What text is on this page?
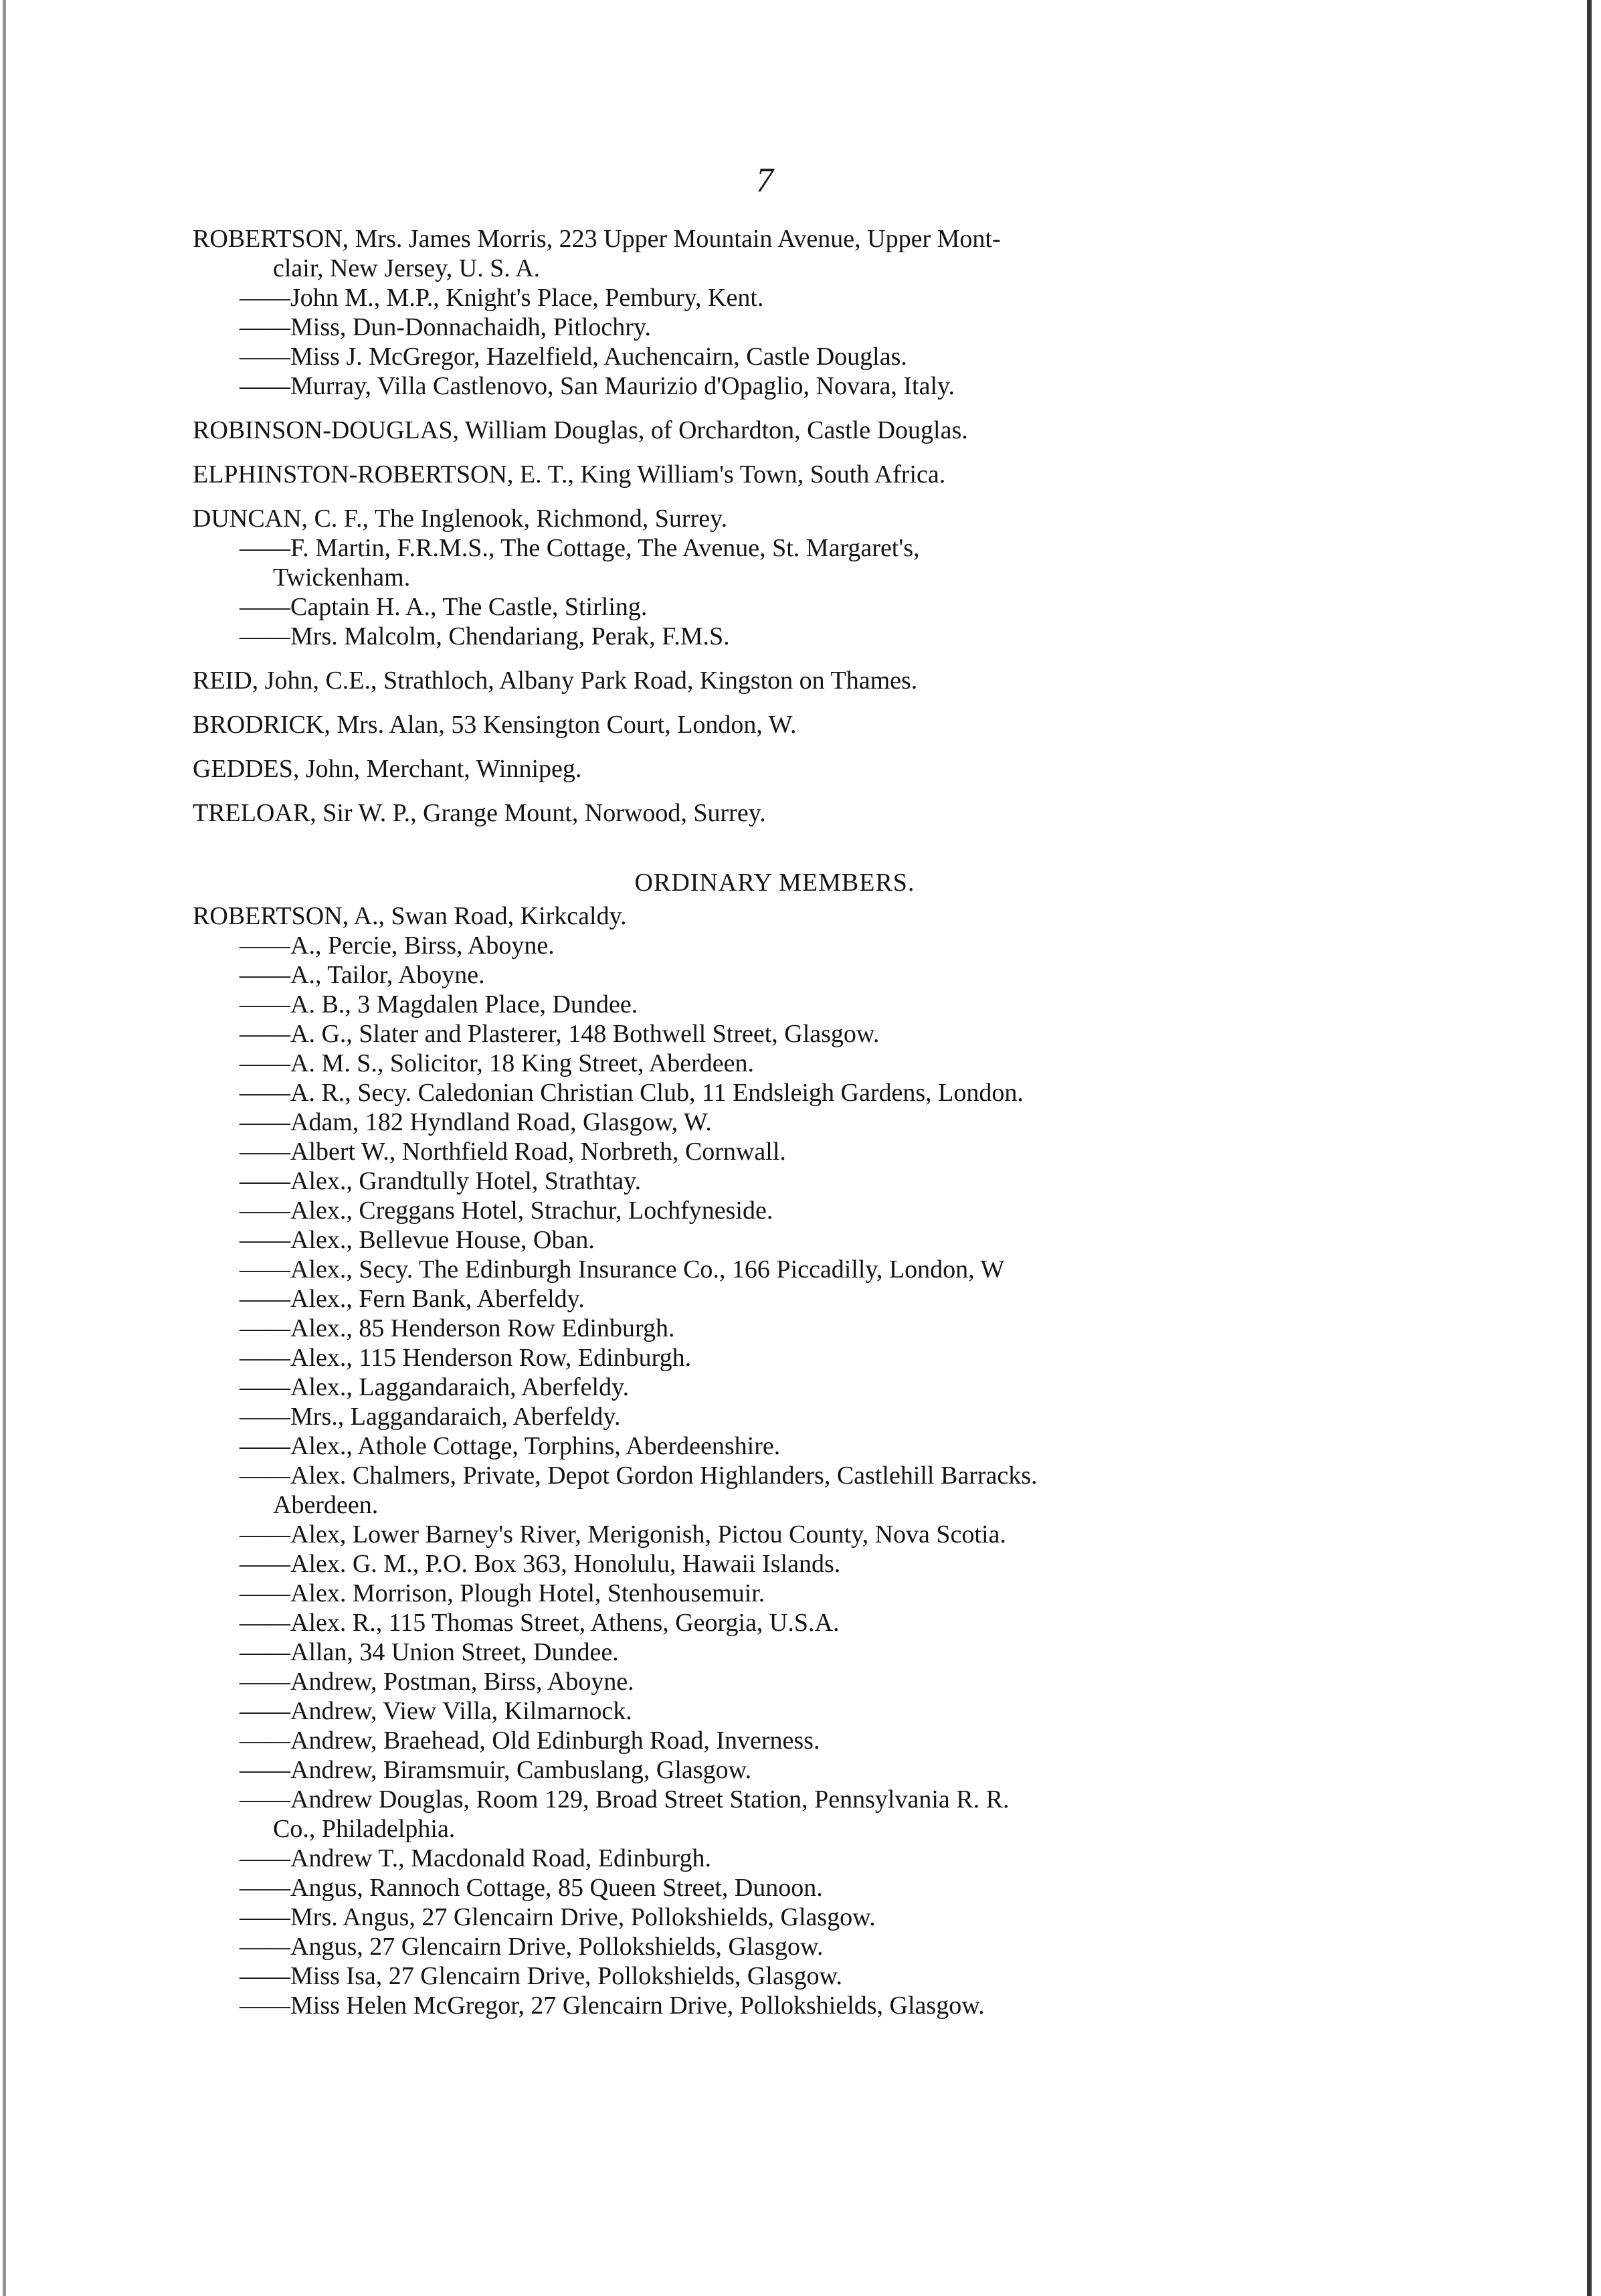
7
ROBERTSON, Mrs. James Morris, 223 Upper Mountain Avenue, Upper Mont-
clair, New Jersey, U. S. A.
——John M., M.P., Knight's Place, Pembury, Kent.
——Miss, Dun-Donnachaidh, Pitlochry.
——Miss J. McGregor, Hazelfield, Auchencairn, Castle Douglas.
——Murray, Villa Castlenovo, San Maurizio d'Opaglio, Novara, Italy.
ROBINSON-DOUGLAS, William Douglas, of Orchardton, Castle Douglas.
ELPHINSTON-ROBERTSON, E. T., King William's Town, South Africa.
DUNCAN, C. F., The Inglenook, Richmond, Surrey.
——F. Martin, F.R.M.S., The Cottage, The Avenue, St. Margaret's,
Twickenham.
——Captain H. A., The Castle, Stirling.
——Mrs. Malcolm, Chendariang, Perak, F.M.S.
REID, John, C.E., Strathloch, Albany Park Road, Kingston on Thames.
BRODRICK, Mrs. Alan, 53 Kensington Court, London, W.
GEDDES, John, Merchant, Winnipeg.
TRELOAR, Sir W. P., Grange Mount, Norwood, Surrey.
ORDINARY MEMBERS.
ROBERTSON, A., Swan Road, Kirkcaldy.
——A., Percie, Birss, Aboyne.
——A., Tailor, Aboyne.
——A. B., 3 Magdalen Place, Dundee.
——A. G., Slater and Plasterer, 148 Bothwell Street, Glasgow.
——A. M. S., Solicitor, 18 King Street, Aberdeen.
——A. R., Secy. Caledonian Christian Club, 11 Endsleigh Gardens, London.
——Adam, 182 Hyndland Road, Glasgow, W.
——Albert W., Northfield Road, Norbreth, Cornwall.
——Alex., Grandtully Hotel, Strathtay.
——Alex., Creggans Hotel, Strachur, Lochfyneside.
——Alex., Bellevue House, Oban.
——Alex., Secy. The Edinburgh Insurance Co., 166 Piccadilly, London, W
——Alex., Fern Bank, Aberfeldy.
——Alex., 85 Henderson Row Edinburgh.
——Alex., 115 Henderson Row, Edinburgh.
——Alex., Laggandaraich, Aberfeldy.
——Mrs., Laggandaraich, Aberfeldy.
——Alex., Athole Cottage, Torphins, Aberdeenshire.
——Alex. Chalmers, Private, Depot Gordon Highlanders, Castlehill Barracks.
Aberdeen.
——Alex, Lower Barney's River, Merigonish, Pictou County, Nova Scotia.
——Alex. G. M., P.O. Box 363, Honolulu, Hawaii Islands.
——Alex. Morrison, Plough Hotel, Stenhousemuir.
——Alex. R., 115 Thomas Street, Athens, Georgia, U.S.A.
——Allan, 34 Union Street, Dundee.
——Andrew, Postman, Birss, Aboyne.
——Andrew, View Villa, Kilmarnock.
——Andrew, Braehead, Old Edinburgh Road, Inverness.
——Andrew, Biramsmuir, Cambuslang, Glasgow.
——Andrew Douglas, Room 129, Broad Street Station, Pennsylvania R. R.
Co., Philadelphia.
——Andrew T., Macdonald Road, Edinburgh.
——Angus, Rannoch Cottage, 85 Queen Street, Dunoon.
——Mrs. Angus, 27 Glencairn Drive, Pollokshields, Glasgow.
——Angus, 27 Glencairn Drive, Pollokshields, Glasgow.
——Miss Isa, 27 Glencairn Drive, Pollokshields, Glasgow.
——Miss Helen McGregor, 27 Glencairn Drive, Pollokshields, Glasgow.
